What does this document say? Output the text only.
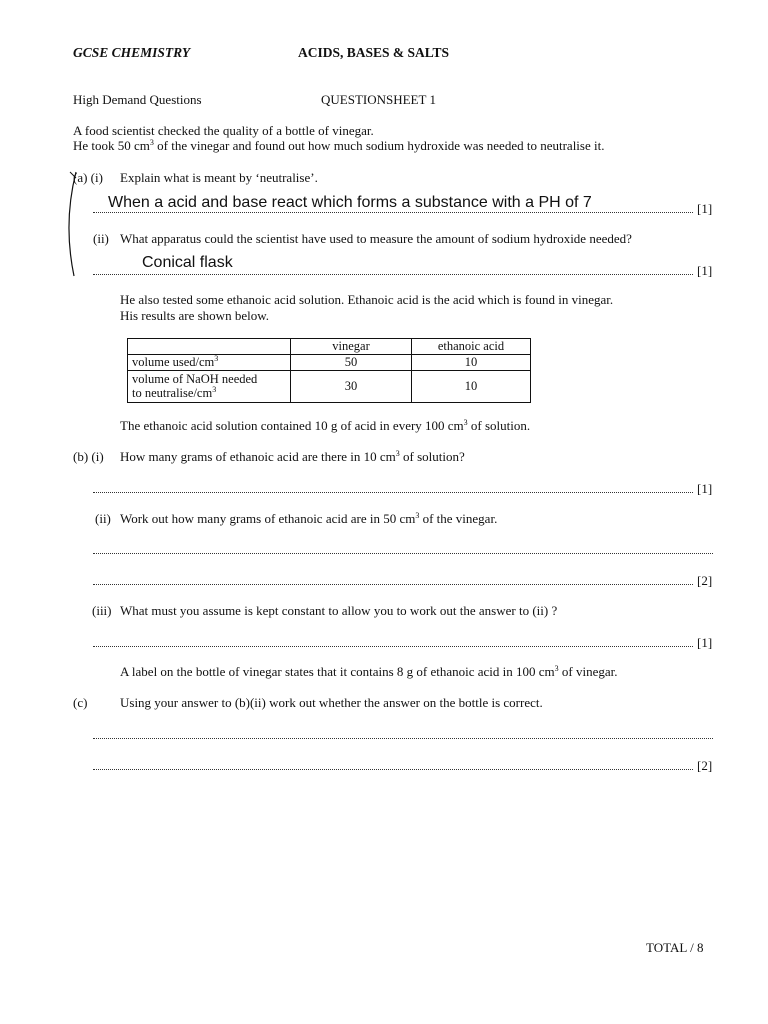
GCSE CHEMISTRY	ACIDS, BASES & SALTS
High Demand Questions	QUESTIONSHEET 1
A food scientist checked the quality of a bottle of vinegar.
He took 50 $cm^3$ of the vinegar and found out how much sodium hydroxide was needed to neutralise it.
(a) (i) Explain what is meant by ‘neutralise’.
When a acid and base react which forms a substance with a PH of 7	[1]
(ii) What apparatus could the scientist have used to measure the amount of sodium hydroxide needed?
Conical flask	[1]
He also tested some ethanoic acid solution. Ethanoic acid is the acid which is found in vinegar.
His results are shown below.
	vinegar	ethanoic acid
volume used/$cm^3$	50	10
volume of NaOH needed
to neutralise/$cm^3$	30	10
The ethanoic acid solution contained 10 g of acid in every 100 $cm^3$ of solution.
(b) (i) How many grams of ethanoic acid are there in 10 $cm^3$ of solution?
[1]
(ii) Work out how many grams of ethanoic acid are in 50 $cm^3$ of the vinegar.
[2]
(iii) What must you assume is kept constant to allow you to work out the answer to (ii) ?
[1]
A label on the bottle of vinegar states that it contains 8 g of ethanoic acid in 100 $cm^3$ of vinegar.
(c)	Using your answer to (b)(ii) work out whether the answer on the bottle is correct.
[2]
TOTAL / 8
